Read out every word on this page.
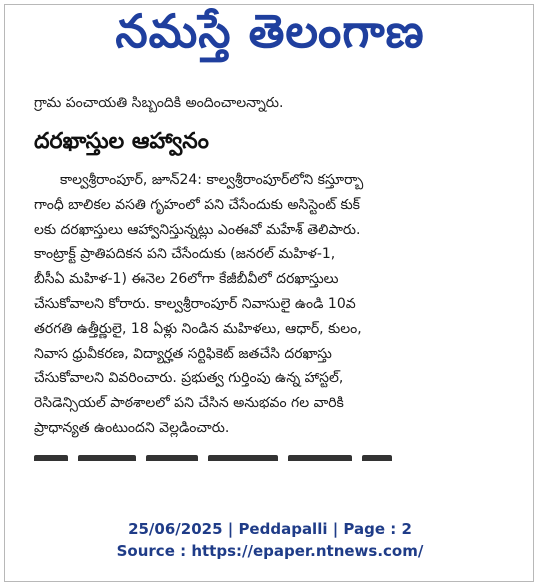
నమస్తే తెలంగాణ
గ్రామ పంచాయతి సిబ్బందికి అందించాలన్నారు.
దరఖాస్తుల ఆహ్వానం
కాల్వశ్రీరాంపూర్, జూన్24: కాల్వశ్రీరాంపూర్‌లోని కస్తూర్బా
గాంధీ బాలికల వసతి గృహంలో పని చేసేందుకు అసిస్టెంట్ కుక్
లకు దరఖాస్తులు ఆహ్వానిస్తున్నట్లు ఎంఈవో మహేశ్ తెలిపారు.
కాంట్రాక్ట్ ప్రాతిపదికన పని చేసేందుకు (జనరల్ మహిళ-1,
బీసీఏ మహిళ-1) ఈనెల 26లోగా కేజీబీవీలో దరఖాస్తులు
చేసుకోవాలని కోరారు. కాల్వశ్రీరాంపూర్ నివాసులై ఉండి 10వ
తరగతి ఉత్తీర్ణులై, 18 ఏళ్లు నిండిన మహిళలు, ఆధార్, కులం,
నివాస ధ్రువీకరణ, విద్యార్హత సర్టిఫికెట్ జతచేసి దరఖాస్తు
చేసుకోవాలని వివరించారు. ప్రభుత్వ గుర్తింపు ఉన్న హాస్టల్,
రెసిడెన్సియల్ పాఠశాలలో పని చేసిన అనుభవం గల వారికి
ప్రాధాన్యత ఉంటుందని వెల్లడించారు.
25/06/2025 | Peddapalli | Page : 2
Source : https://epaper.ntnews.com/
